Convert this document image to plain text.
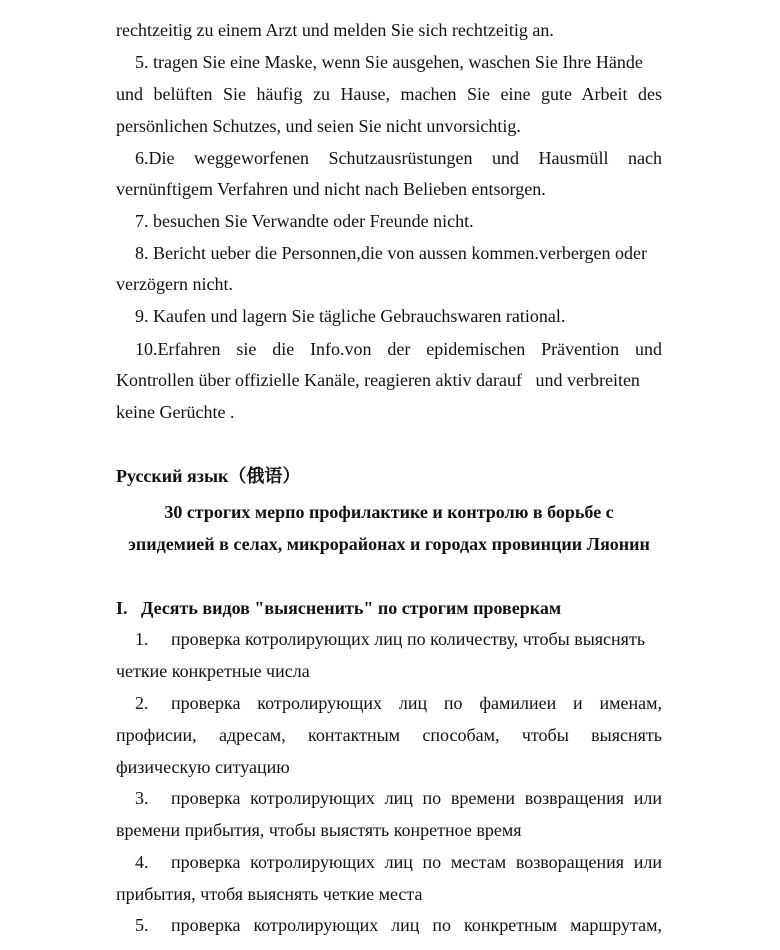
rechtzeitig zu einem Arzt und melden Sie sich rechtzeitig an.
5. tragen Sie eine Maske, wenn Sie ausgehen, waschen Sie Ihre Hände
und belüften Sie häufig zu Hause, machen Sie eine gute Arbeit des
persönlichen Schutzes, und seien Sie nicht unvorsichtig.
6.Die weggeworfenen Schutzausrüstungen und Hausmüll nach
vernünftigem Verfahren und nicht nach Belieben entsorgen.
7. besuchen Sie Verwandte oder Freunde nicht.
8. Bericht ueber die Personnen,die von aussen kommen.verbergen oder
verzögern nicht.
9. Kaufen und lagern Sie tägliche Gebrauchswaren rational.
10.Erfahren sie die Info.von der epidemischen Prävention und
Kontrollen über offizielle Kanäle, reagieren aktiv darauf   und verbreiten
keine Gerüchte .
Русский язык（俄语）
30 строгих мерпо профилактике и контролю в борьбе с
эпидемией в селах, микрорайонах и городах провинции Ляонин
I.   Десять видов "выясненить" по строгим проверкам
1. проверка котролирующих лиц по количеству, чтобы выяснять
четкие конкретные числа
2. проверка котролирующих лиц по фамилиеи и именам,
профисии, адресам, контактным способам, чтобы выяснять
физическую ситуацию
3. проверка котролирующих лиц по времени возвращения или
времени прибытия, чтобы выястять конретное время
4. проверка котролирующих лиц по местам возворащения или
прибытия, чтобя выяснять четкие места
5. проверка котролирующих лиц по конкретным маршрутам,
